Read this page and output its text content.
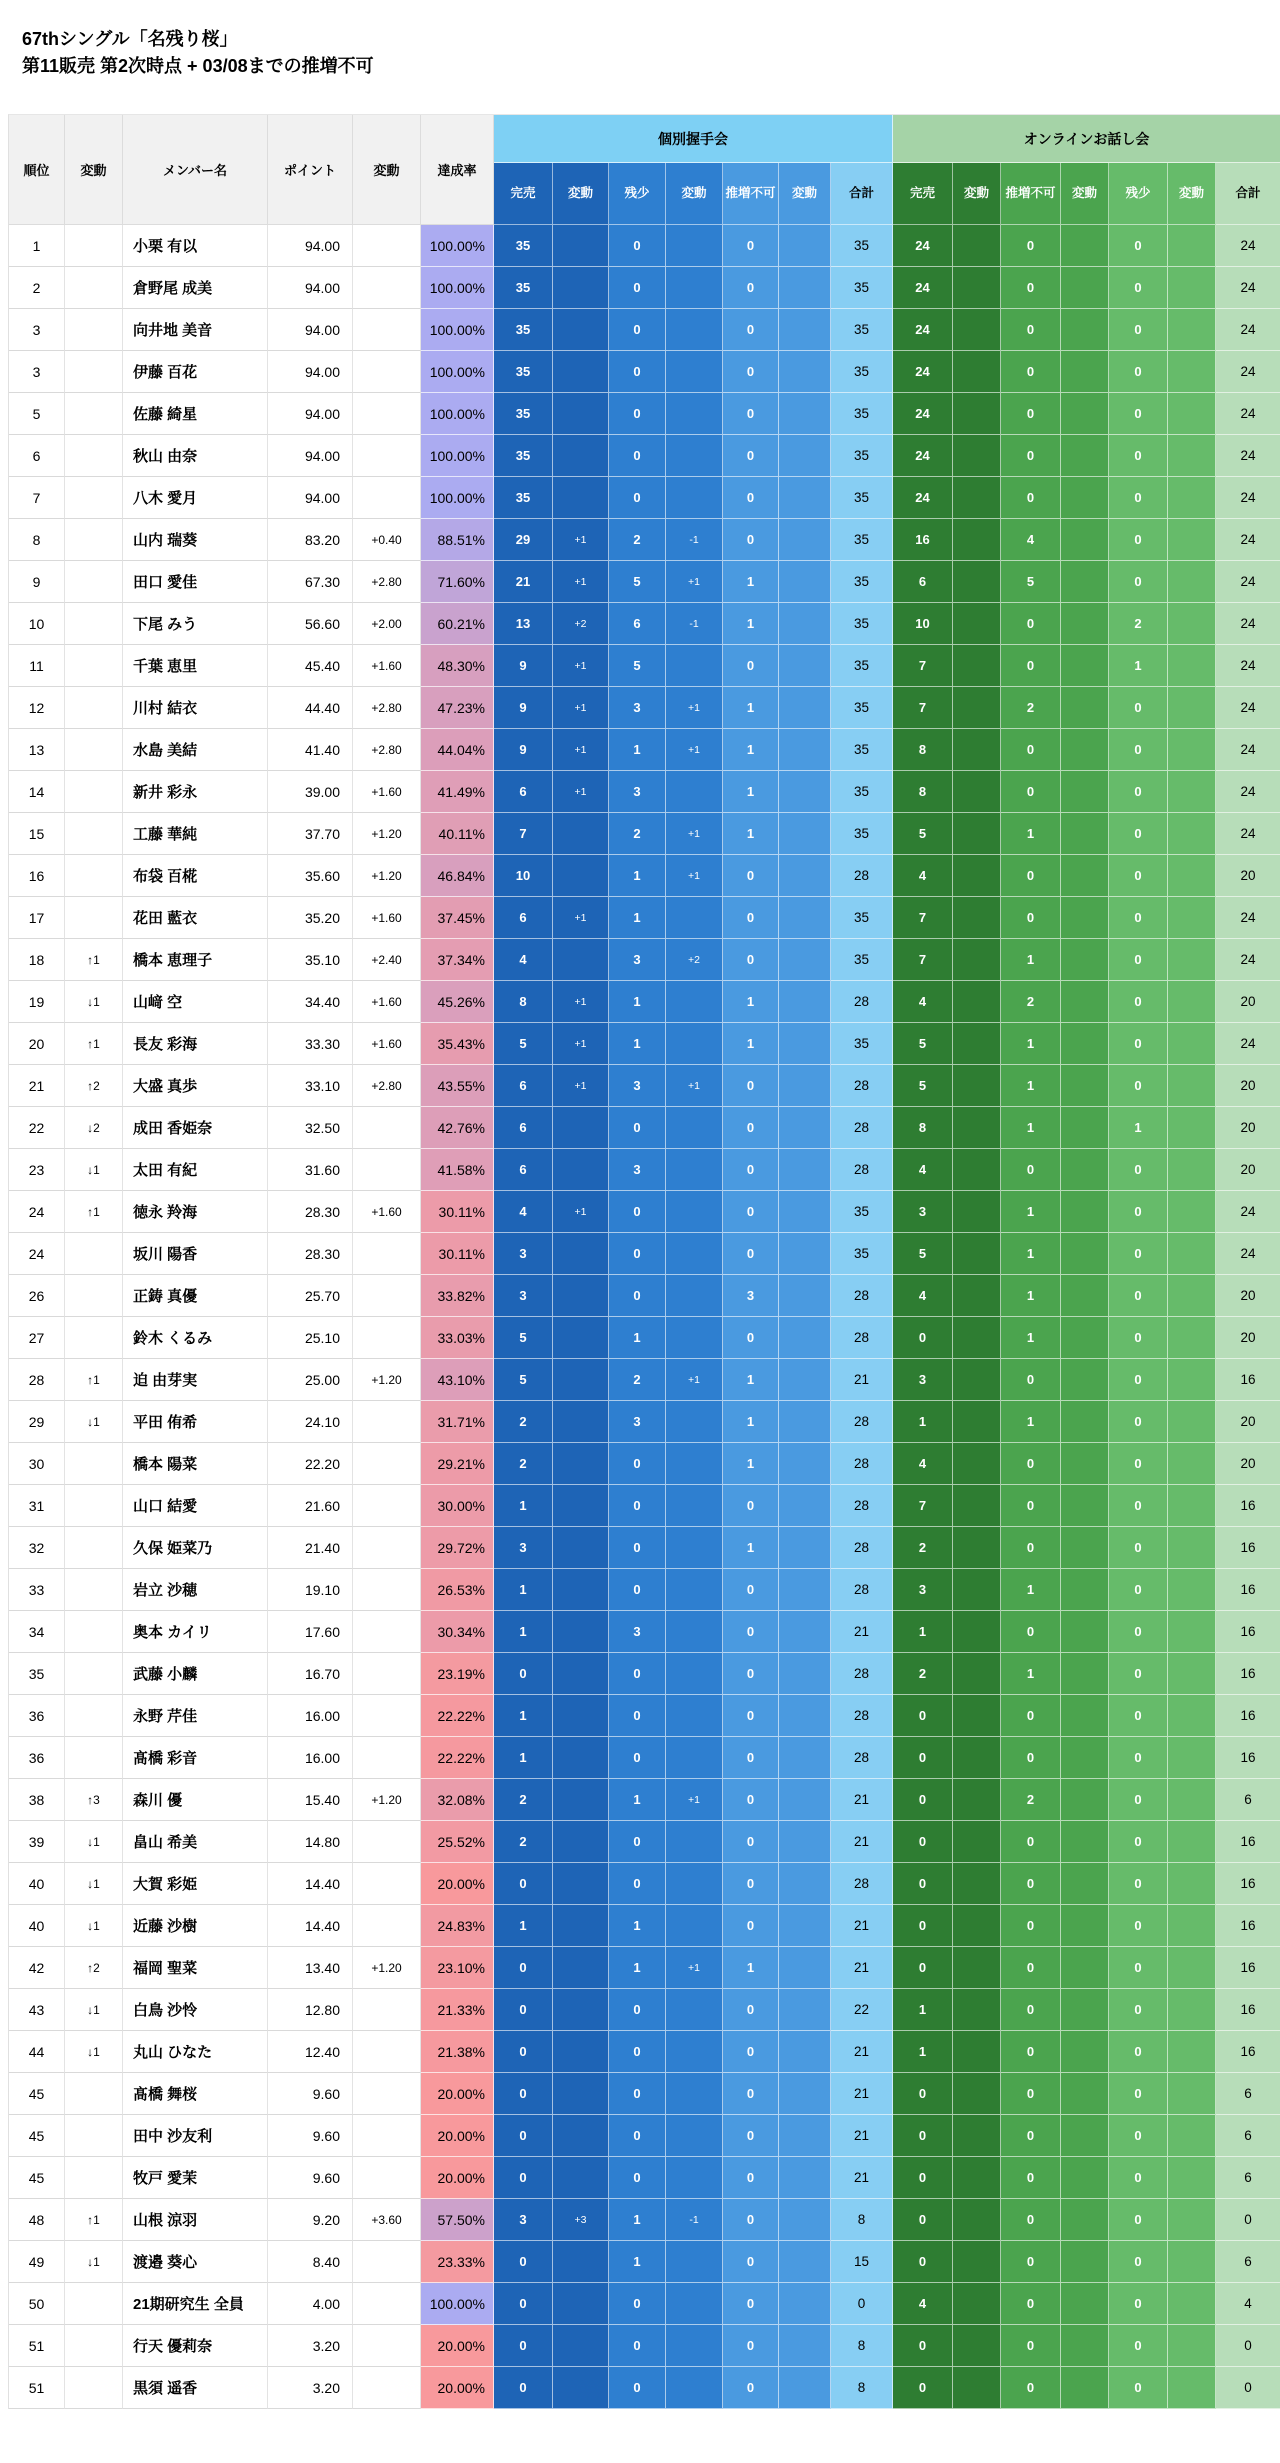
67thシングル「名残り桜」
第11販売 第2次時点 + 03/08までの推増不可
順位	変動	メンバー名	ポイント	変動	達成率	個別握手会							オンラインお話し会						
						完売	変動	残少	変動	推増不可	変動	合計	完売	変動	推増不可	変動	残少	変動	合計
1		小栗 有以	94.00		100.00%	35		0		0		35	24		0		0		24
2		倉野尾 成美	94.00		100.00%	35		0		0		35	24		0		0		24
3		向井地 美音	94.00		100.00%	35		0		0		35	24		0		0		24
3		伊藤 百花	94.00		100.00%	35		0		0		35	24		0		0		24
5		佐藤 綺星	94.00		100.00%	35		0		0		35	24		0		0		24
6		秋山 由奈	94.00		100.00%	35		0		0		35	24		0		0		24
7		八木 愛月	94.00		100.00%	35		0		0		35	24		0		0		24
8		山内 瑞葵	83.20	+0.40	88.51%	29	+1	2	-1	0		35	16		4		0		24
9		田口 愛佳	67.30	+2.80	71.60%	21	+1	5	+1	1		35	6		5		0		24
10		下尾 みう	56.60	+2.00	60.21%	13	+2	6	-1	1		35	10		0		2		24
11		千葉 恵里	45.40	+1.60	48.30%	9	+1	5		0		35	7		0		1		24
12		川村 結衣	44.40	+2.80	47.23%	9	+1	3	+1	1		35	7		2		0		24
13		水島 美結	41.40	+2.80	44.04%	9	+1	1	+1	1		35	8		0		0		24
14		新井 彩永	39.00	+1.60	41.49%	6	+1	3		1		35	8		0		0		24
15		工藤 華純	37.70	+1.20	40.11%	7		2	+1	1		35	5		1		0		24
16		布袋 百椛	35.60	+1.20	46.84%	10		1	+1	0		28	4		0		0		20
17		花田 藍衣	35.20	+1.60	37.45%	6	+1	1		0		35	7		0		0		24
18	↑1	橋本 恵理子	35.10	+2.40	37.34%	4		3	+2	0		35	7		1		0		24
19	↓1	山﨑 空	34.40	+1.60	45.26%	8	+1	1		1		28	4		2		0		20
20	↑1	長友 彩海	33.30	+1.60	35.43%	5	+1	1		1		35	5		1		0		24
21	↑2	大盛 真歩	33.10	+2.80	43.55%	6	+1	3	+1	0		28	5		1		0		20
22	↓2	成田 香姫奈	32.50		42.76%	6		0		0		28	8		1		1		20
23	↓1	太田 有紀	31.60		41.58%	6		3		0		28	4		0		0		20
24	↑1	徳永 羚海	28.30	+1.60	30.11%	4	+1	0		0		35	3		1		0		24
24		坂川 陽香	28.30		30.11%	3		0		0		35	5		1		0		24
26		正鋳 真優	25.70		33.82%	3		0		3		28	4		1		0		20
27		鈴木 くるみ	25.10		33.03%	5		1		0		28	0		1		0		20
28	↑1	迫 由芽実	25.00	+1.20	43.10%	5		2	+1	1		21	3		0		0		16
29	↓1	平田 侑希	24.10		31.71%	2		3		1		28	1		1		0		20
30		橋本 陽菜	22.20		29.21%	2		0		1		28	4		0		0		20
31		山口 結愛	21.60		30.00%	1		0		0		28	7		0		0		16
32		久保 姫菜乃	21.40		29.72%	3		0		1		28	2		0		0		16
33		岩立 沙穂	19.10		26.53%	1		0		0		28	3		1		0		16
34		奥本 カイリ	17.60		30.34%	1		3		0		21	1		0		0		16
35		武藤 小麟	16.70		23.19%	0		0		0		28	2		1		0		16
36		永野 芹佳	16.00		22.22%	1		0		0		28	0		0		0		16
36		髙橋 彩音	16.00		22.22%	1		0		0		28	0		0		0		16
38	↑3	森川 優	15.40	+1.20	32.08%	2		1	+1	0		21	0		2		0		6
39	↓1	畠山 希美	14.80		25.52%	2		0		0		21	0		0		0		16
40	↓1	大賀 彩姫	14.40		20.00%	0		0		0		28	0		0		0		16
40	↓1	近藤 沙樹	14.40		24.83%	1		1		0		21	0		0		0		16
42	↑2	福岡 聖菜	13.40	+1.20	23.10%	0		1	+1	1		21	0		0		0		16
43	↓1	白鳥 沙怜	12.80		21.33%	0		0		0		22	1		0		0		16
44	↓1	丸山 ひなた	12.40		21.38%	0		0		0		21	1		0		0		16
45		髙橋 舞桜	9.60		20.00%	0		0		0		21	0		0		0		6
45		田中 沙友利	9.60		20.00%	0		0		0		21	0		0		0		6
45		牧戸 愛茉	9.60		20.00%	0		0		0		21	0		0		0		6
48	↑1	山根 涼羽	9.20	+3.60	57.50%	3	+3	1	-1	0		8	0		0		0		0
49	↓1	渡邉 葵心	8.40		23.33%	0		1		0		15	0		0		0		6
50		21期研究生 全員	4.00		100.00%	0		0		0		0	4		0		0		4
51		行天 優莉奈	3.20		20.00%	0		0		0		8	0		0		0		0
51		黒須 遥香	3.20		20.00%	0		0		0		8	0		0		0		0
